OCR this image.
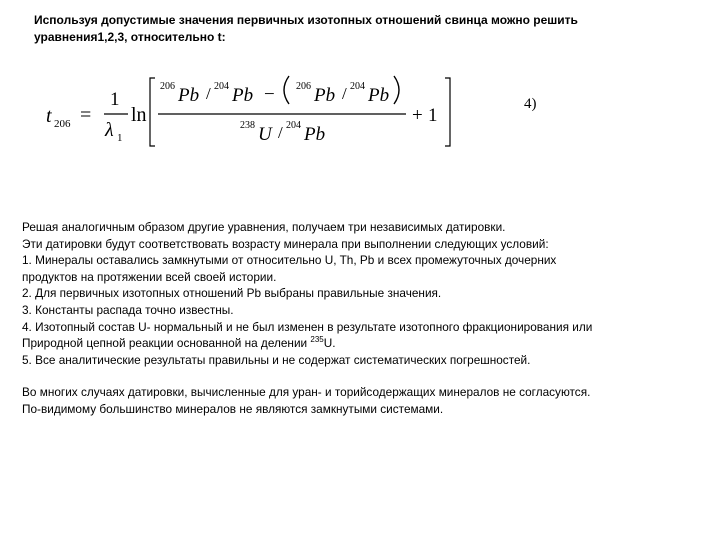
Используя допустимые значения первичных изотопных отношений свинца можно решить
уравнения1,2,3, относительно t:
t 206 =
1
λ 1
ln
206 Pb / 204 Pb − 206 Pb / 204 Pb
238 U / 204 Pb
+ 1
4)

Решая аналогичным образом другие уравнения, получаем три независимых датировки.

Эти датировки будут соответствовать возрасту минерала при выполнении следующих условий:

1. Минералы оставались замкнутыми от относительно U, Th, Pb и всех промежуточных дочерних

продуктов на протяжении всей своей истории.

2. Для первичных изотопных отношений Pb выбраны правильные значения.

3. Константы распада точно известны.

4. Изотопный состав U- нормальный и не был изменен в результате изотопного фракционирования или

Природной цепной реакции основанной на делении $^{235}$U.

5. Все аналитические результаты правильны и не содержат систематических погрешностей.

Во многих случаях датировки, вычисленные для уран- и торийсодержащих минералов не согласуются.

По-видимому большинство минералов не являются замкнутыми системами.
